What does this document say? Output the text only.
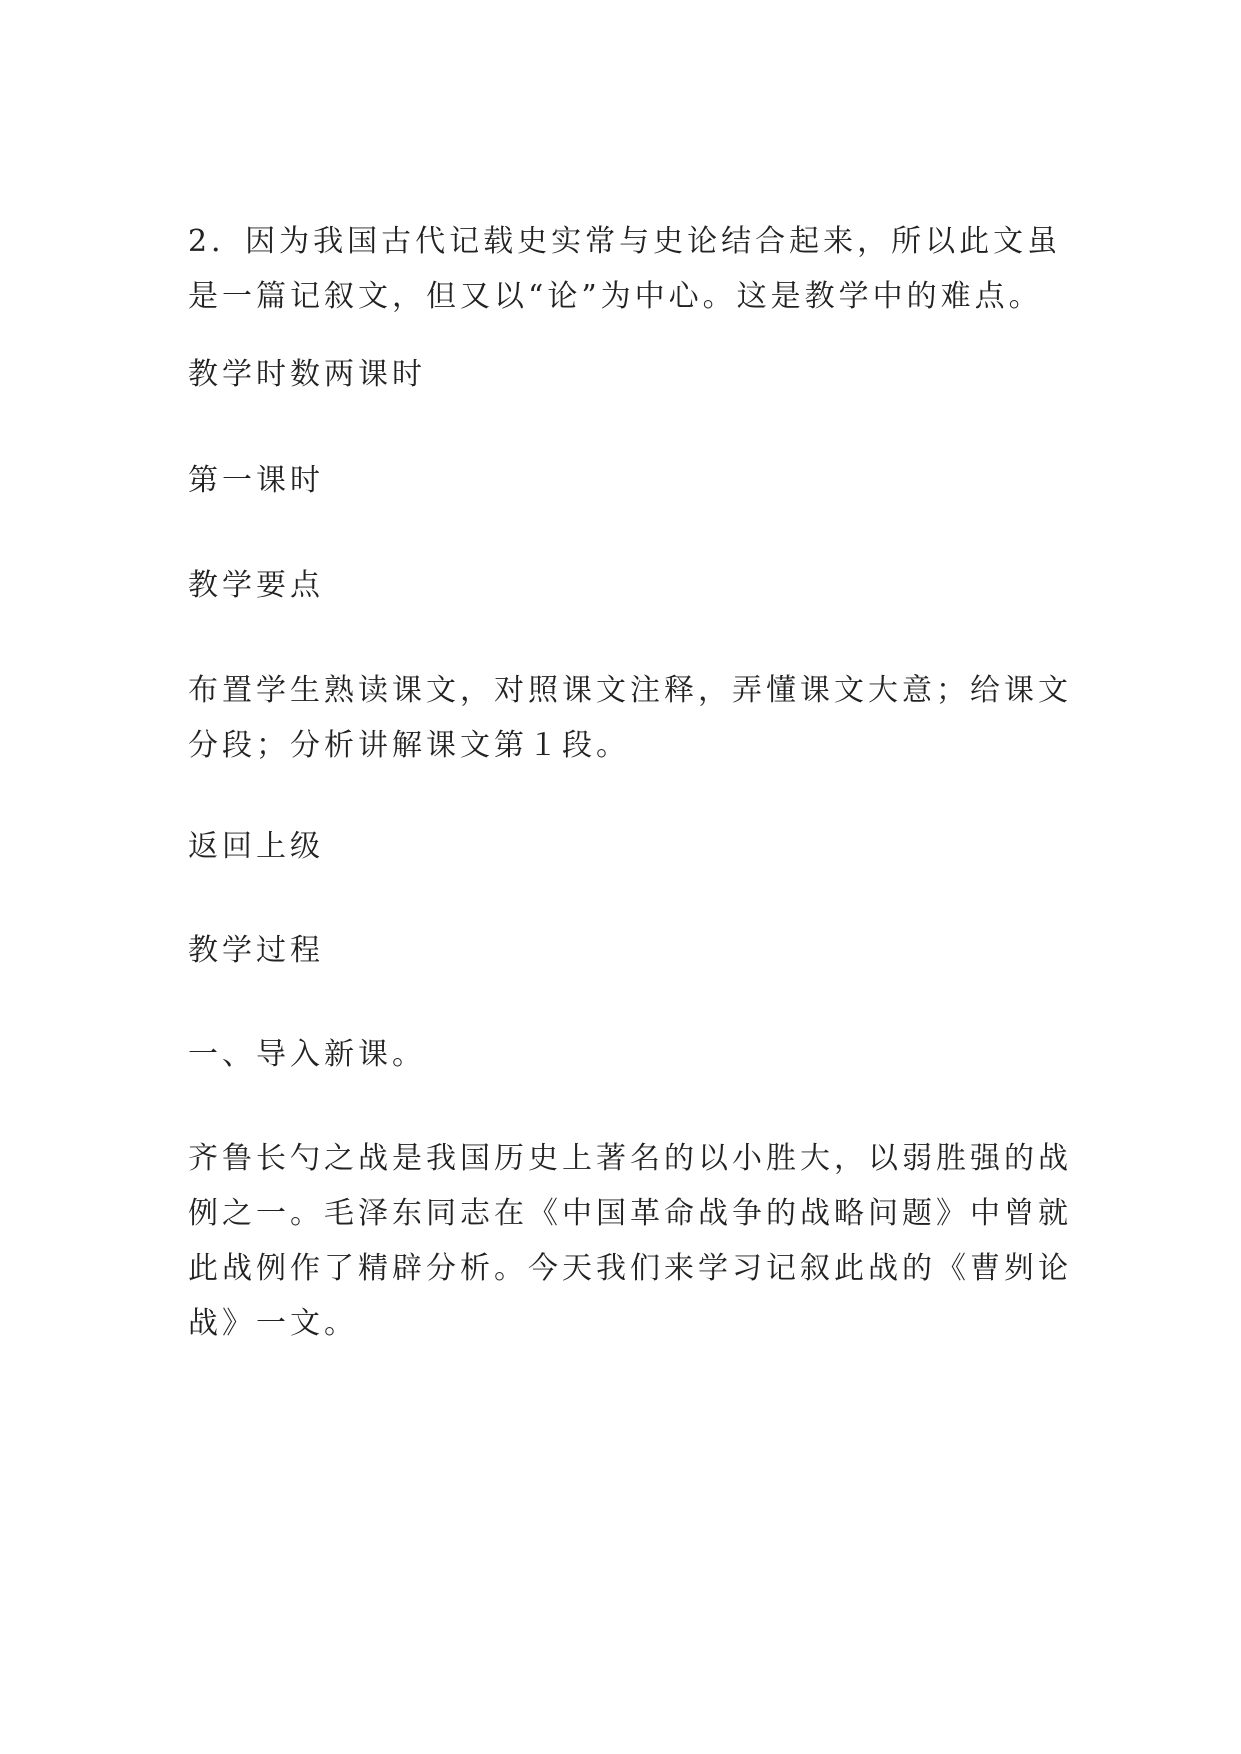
2．因为我国古代记载史实常与史论结合起来，所以此文虽
是一篇记叙文，但又以“论”为中心。这是教学中的难点。

教学时数两课时

第一课时

教学要点

布置学生熟读课文，对照课文注释，弄懂课文大意；给课文
分段；分析讲解课文第１段。

返回上级

教学过程

一、导入新课。

齐鲁长勺之战是我国历史上著名的以小胜大，以弱胜强的战
例之一。毛泽东同志在《中国革命战争的战略问题》中曾就
此战例作了精辟分析。今天我们来学习记叙此战的《曹刿论
战》一文。
